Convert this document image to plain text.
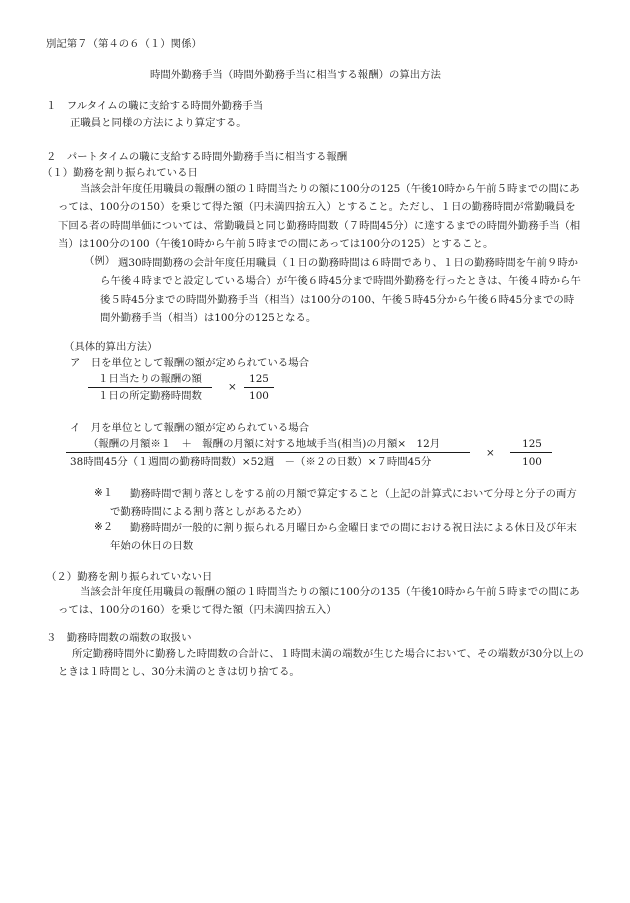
別記第７（第４の６（１）関係）
時間外勤務手当（時間外勤務手当に相当する報酬）の算出方法
１　フルタイムの職に支給する時間外勤務手当
正職員と同様の方法により算定する。
２　パートタイムの職に支給する時間外勤務手当に相当する報酬
（１）勤務を割り振られている日
当該会計年度任用職員の報酬の額の１時間当たりの額に100分の125（午後10時から午前５時までの間にあっては、100分の150）を乗じて得た額（円未満四捨五入）とすること。ただし、１日の勤務時間が常勤職員を下回る者の時間単価については、常勤職員と同じ勤務時間数（７時間45分）に達するまでの時間外勤務手当（相当）は100分の100（午後10時から午前５時までの間にあっては100分の125）とすること。
（例） 週30時間勤務の会計年度任用職員（１日の勤務時間は６時間であり、１日の勤務時間を午前９時から午後４時までと設定している場合）が午後６時45分まで時間外勤務を行ったときは、午後４時から午後５時45分までの時間外勤務手当（相当）は100分の100、午後５時45分から午後６時45分までの時間外勤務手当（相当）は100分の125となる。
（具体的算出方法）
ア　日を単位として報酬の額が定められている場合
１日当たりの報酬の額
１日の所定勤務時間数
×
125
100
イ　月を単位として報酬の額が定められている場合
（報酬の月額※１　＋　報酬の月額に対する地域手当(相当)の月額×　12月
38時間45分（１週間の勤務時間数）×52週　－（※２の日数）×７時間45分
×
125
100
※１	勤務時間で割り落としをする前の月額で算定すること（上記の計算式において分母と分子の両方で勤務時間による割り落としがあるため）
※２	勤務時間が一般的に割り振られる月曜日から金曜日までの間における祝日法による休日及び年末年始の休日の日数
（２）勤務を割り振られていない日
当該会計年度任用職員の報酬の額の１時間当たりの額に100分の135（午後10時から午前５時までの間にあっては、100分の160）を乗じて得た額（円未満四捨五入）
３　勤務時間数の端数の取扱い
所定勤務時間外に勤務した時間数の合計に、１時間未満の端数が生じた場合において、その端数が30分以上のときは１時間とし、30分未満のときは切り捨てる。
